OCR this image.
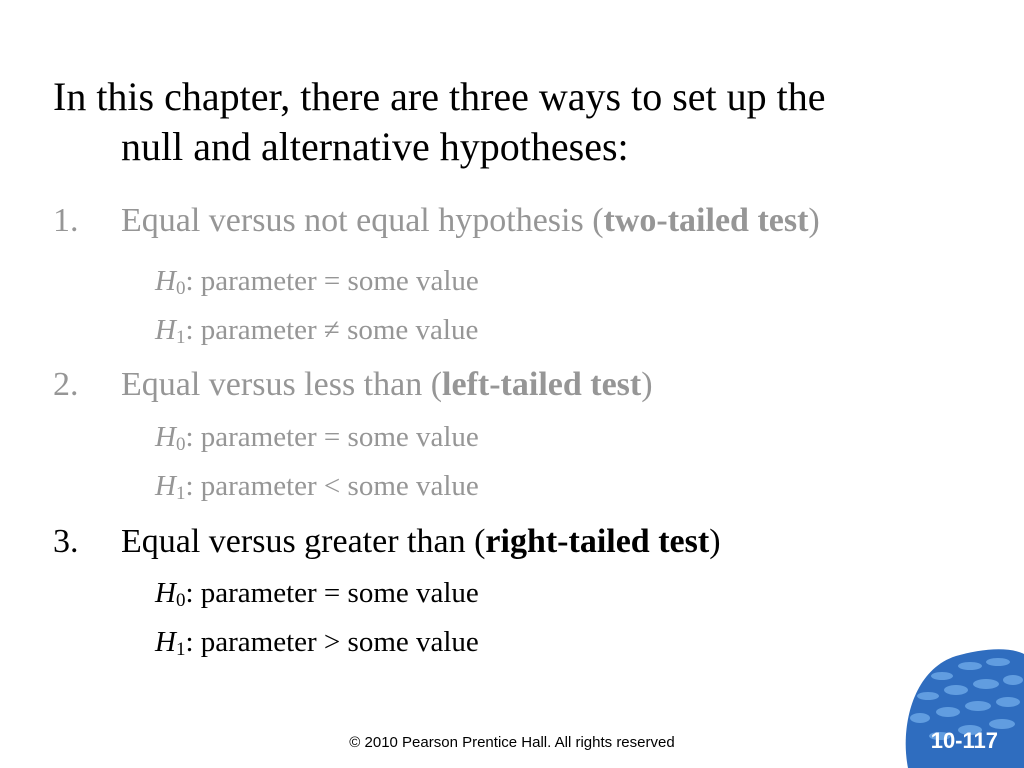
In this chapter, there are three ways to set up the
null and alternative hypotheses:
1. Equal versus not equal hypothesis (two-tailed test)
$H_0$: parameter = some value
$H_1$: parameter ≠ some value
2. Equal versus less than (left-tailed test)
$H_0$: parameter = some value
$H_1$: parameter < some value
3. Equal versus greater than (right-tailed test)
$H_0$: parameter = some value
$H_1$: parameter > some value
© 2010 Pearson Prentice Hall. All rights reserved	10-117
